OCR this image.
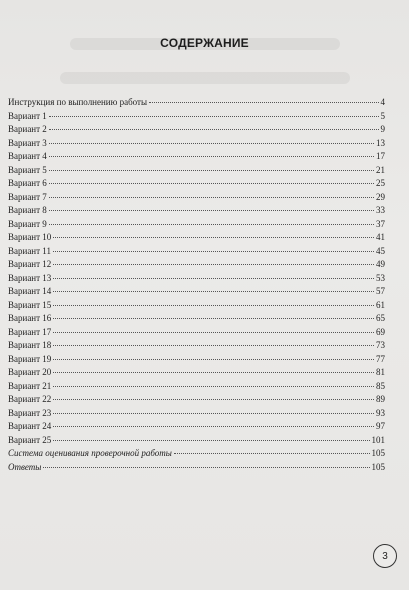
СОДЕРЖАНИЕ
Инструкция по выполнению работы	4
Вариант 1	5
Вариант 2	9
Вариант 3	13
Вариант 4	17
Вариант 5	21
Вариант 6	25
Вариант 7	29
Вариант 8	33
Вариант 9	37
Вариант 10	41
Вариант 11	45
Вариант 12	49
Вариант 13	53
Вариант 14	57
Вариант 15	61
Вариант 16	65
Вариант 17	69
Вариант 18	73
Вариант 19	77
Вариант 20	81
Вариант 21	85
Вариант 22	89
Вариант 23	93
Вариант 24	97
Вариант 25	101
Система оценивания проверочной работы	105
Ответы	105
3
